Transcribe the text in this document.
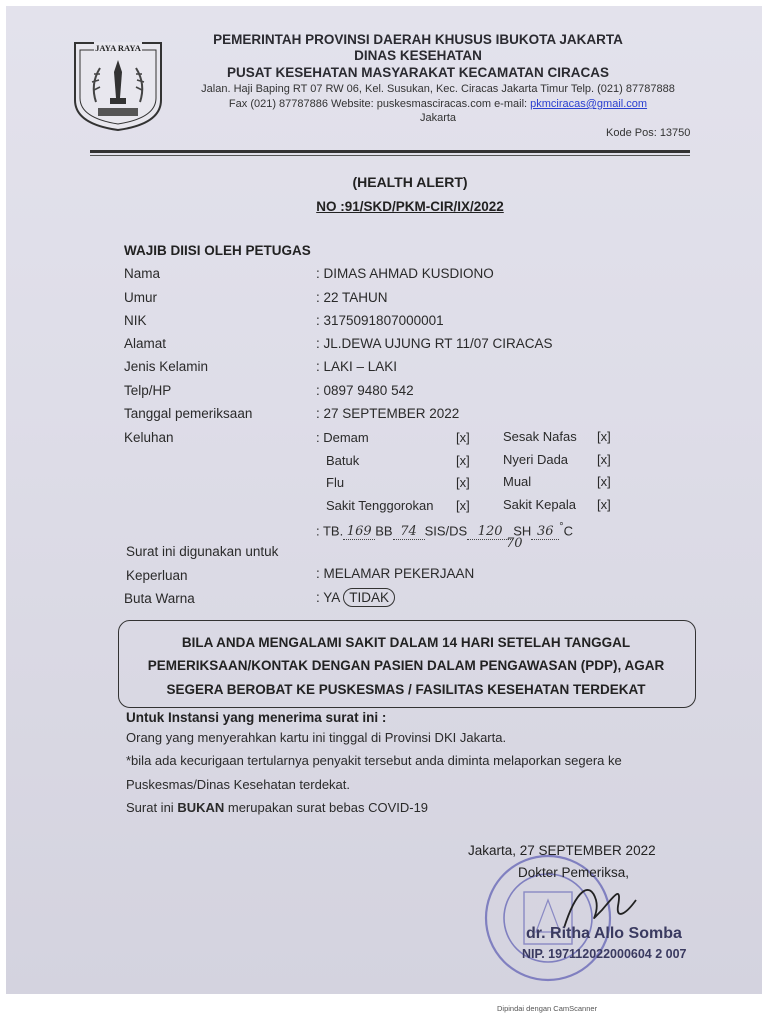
JAYA RAYA
PEMERINTAH PROVINSI DAERAH KHUSUS IBUKOTA JAKARTA
DINAS KESEHATAN
PUSAT KESEHATAN MASYARAKAT KECAMATAN CIRACAS
Jalan. Haji Baping RT 07 RW 06, Kel. Susukan, Kec. Ciracas Jakarta Timur Telp. (021) 87787888
Fax (021) 87787886 Website: puskesmasciracas.com e-mail: pkmciracas@gmail.com
Jakarta
Kode Pos: 13750
(HEALTH ALERT)
NO :91/SKD/PKM-CIR/IX/2022
WAJIB DIISI OLEH PETUGAS
Nama	: DIMAS AHMAD KUSDIONO
Umur	: 22 TAHUN
NIK	: 3175091807000001
Alamat	: JL.DEWA UJUNG RT 11/07 CIRACAS
Jenis Kelamin	: LAKI – LAKI
Telp/HP	: 0897 9480 542
Tanggal pemeriksaan	: 27 SEPTEMBER 2022
Keluhan	: Demam	[x]	Sesak Nafas [x]
Batuk	[x]	Nyeri Dada [x]
Flu	[x]	Mual	[x]
Sakit Tenggorokan [x]	Sakit Kepala [x]
: TB. 169 BB 74 SIS/DS 120 SH 36 °C
70
Surat ini digunakan untuk
Keperluan	: MELAMAR PEKERJAAN
Buta Warna	: YA TIDAK
BILA ANDA MENGALAMI SAKIT DALAM 14 HARI SETELAH TANGGAL
PEMERIKSAAN/KONTAK DENGAN PASIEN DALAM PENGAWASAN (PDP), AGAR
SEGERA BEROBAT KE PUSKESMAS / FASILITAS KESEHATAN TERDEKAT
Untuk Instansi yang menerima surat ini :
Orang yang menyerahkan kartu ini tinggal di Provinsi DKI Jakarta.
*bila ada kecurigaan tertularnya penyakit tersebut anda diminta melaporkan segera ke
Puskesmas/Dinas Kesehatan terdekat.
Surat ini BUKAN merupakan surat bebas COVID-19
Jakarta, 27 SEPTEMBER 2022
Dokter Pemeriksa,
dr. Ritha Allo Somba
NIP. 197112022000604 2 007
Dipindai dengan CamScanner
